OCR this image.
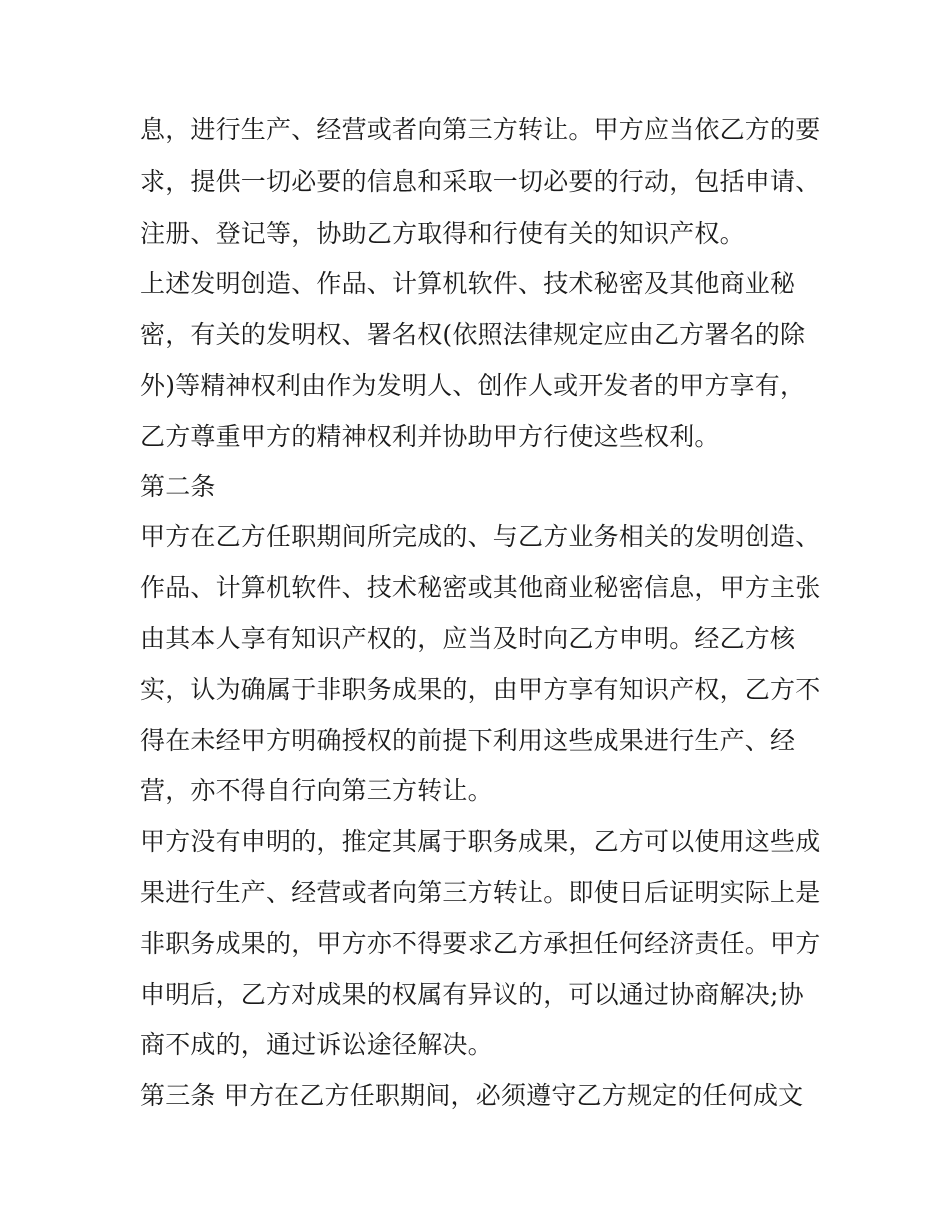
息，进行生产、经营或者向第三方转让。甲方应当依乙方的要
求，提供一切必要的信息和采取一切必要的行动，包括申请、
注册、登记等，协助乙方取得和行使有关的知识产权。
上述发明创造、作品、计算机软件、技术秘密及其他商业秘
密，有关的发明权、署名权(依照法律规定应由乙方署名的除
外)等精神权利由作为发明人、创作人或开发者的甲方享有，
乙方尊重甲方的精神权利并协助甲方行使这些权利。
第二条
甲方在乙方任职期间所完成的、与乙方业务相关的发明创造、
作品、计算机软件、技术秘密或其他商业秘密信息，甲方主张
由其本人享有知识产权的，应当及时向乙方申明。经乙方核
实，认为确属于非职务成果的，由甲方享有知识产权，乙方不
得在未经甲方明确授权的前提下利用这些成果进行生产、经
营，亦不得自行向第三方转让。
甲方没有申明的，推定其属于职务成果，乙方可以使用这些成
果进行生产、经营或者向第三方转让。即使日后证明实际上是
非职务成果的，甲方亦不得要求乙方承担任何经济责任。甲方
申明后，乙方对成果的权属有异议的，可以通过协商解决;协
商不成的，通过诉讼途径解决。
第三条 甲方在乙方任职期间，必须遵守乙方规定的任何成文
